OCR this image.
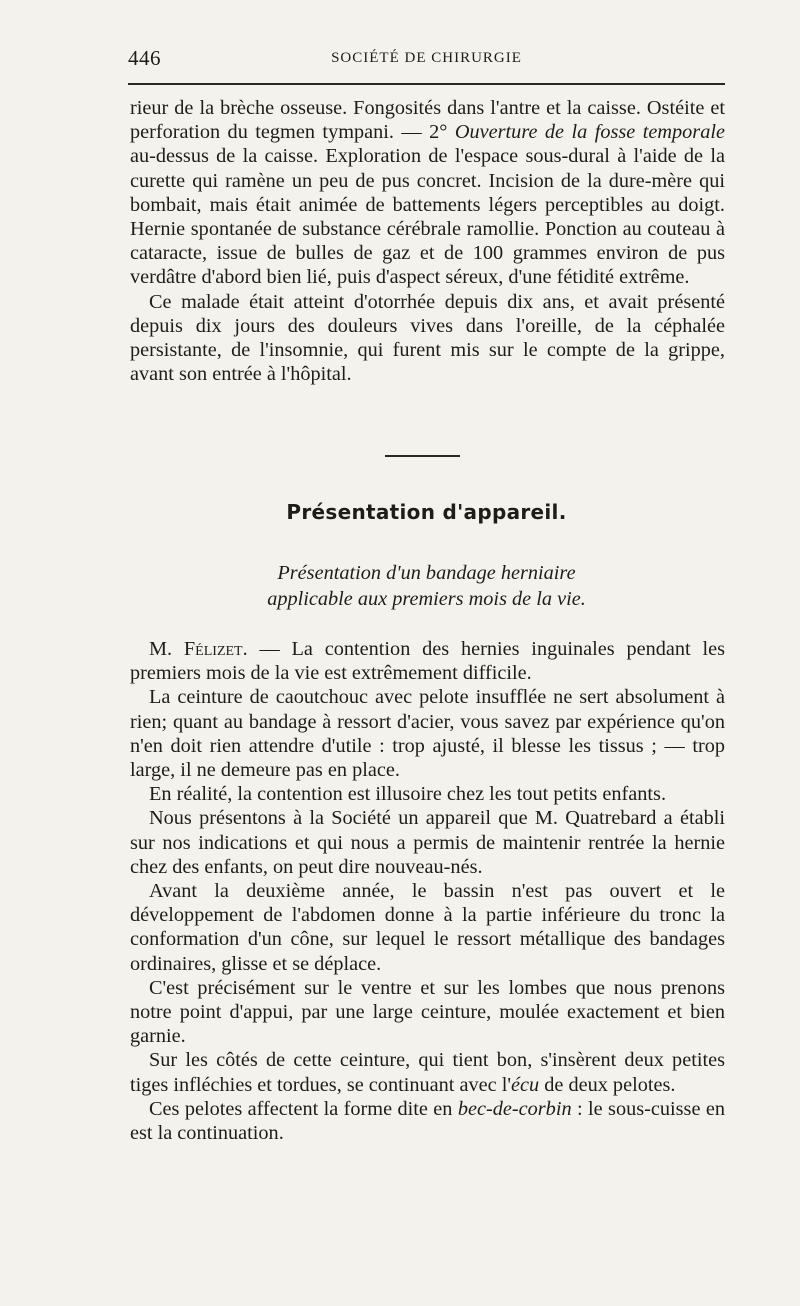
446	SOCIÉTÉ DE CHIRURGIE

rieur de la brèche osseuse. Fongosités dans l'antre et la caisse. Ostéite et perforation du tegmen tympani. — 2° Ouverture de la fosse temporale au-dessus de la caisse. Exploration de l'espace sous-dural à l'aide de la curette qui ramène un peu de pus concret. Incision de la dure-mère qui bombait, mais était animée de battements légers perceptibles au doigt. Hernie spontanée de substance cérébrale ramollie. Ponction au couteau à cataracte, issue de bulles de gaz et de 100 grammes environ de pus verdâtre d'abord bien lié, puis d'aspect séreux, d'une fétidité extrême.

Ce malade était atteint d'otorrhée depuis dix ans, et avait présenté depuis dix jours des douleurs vives dans l'oreille, de la céphalée persistante, de l'insomnie, qui furent mis sur le compte de la grippe, avant son entrée à l'hôpital.

Présentation d'appareil.
Présentation d'un bandage herniaire
applicable aux premiers mois de la vie.

M. Félizet. — La contention des hernies inguinales pendant les premiers mois de la vie est extrêmement difficile.

La ceinture de caoutchouc avec pelote insufflée ne sert absolument à rien; quant au bandage à ressort d'acier, vous savez par expérience qu'on n'en doit rien attendre d'utile : trop ajusté, il blesse les tissus ; — trop large, il ne demeure pas en place.

En réalité, la contention est illusoire chez les tout petits enfants.

Nous présentons à la Société un appareil que M. Quatrebard a établi sur nos indications et qui nous a permis de maintenir rentrée la hernie chez des enfants, on peut dire nouveau-nés.

Avant la deuxième année, le bassin n'est pas ouvert et le développement de l'abdomen donne à la partie inférieure du tronc la conformation d'un cône, sur lequel le ressort métallique des bandages ordinaires, glisse et se déplace.

C'est précisément sur le ventre et sur les lombes que nous prenons notre point d'appui, par une large ceinture, moulée exactement et bien garnie.

Sur les côtés de cette ceinture, qui tient bon, s'insèrent deux petites tiges infléchies et tordues, se continuant avec l'écu de deux pelotes.

Ces pelotes affectent la forme dite en bec-de-corbin : le sous-cuisse en est la continuation.
